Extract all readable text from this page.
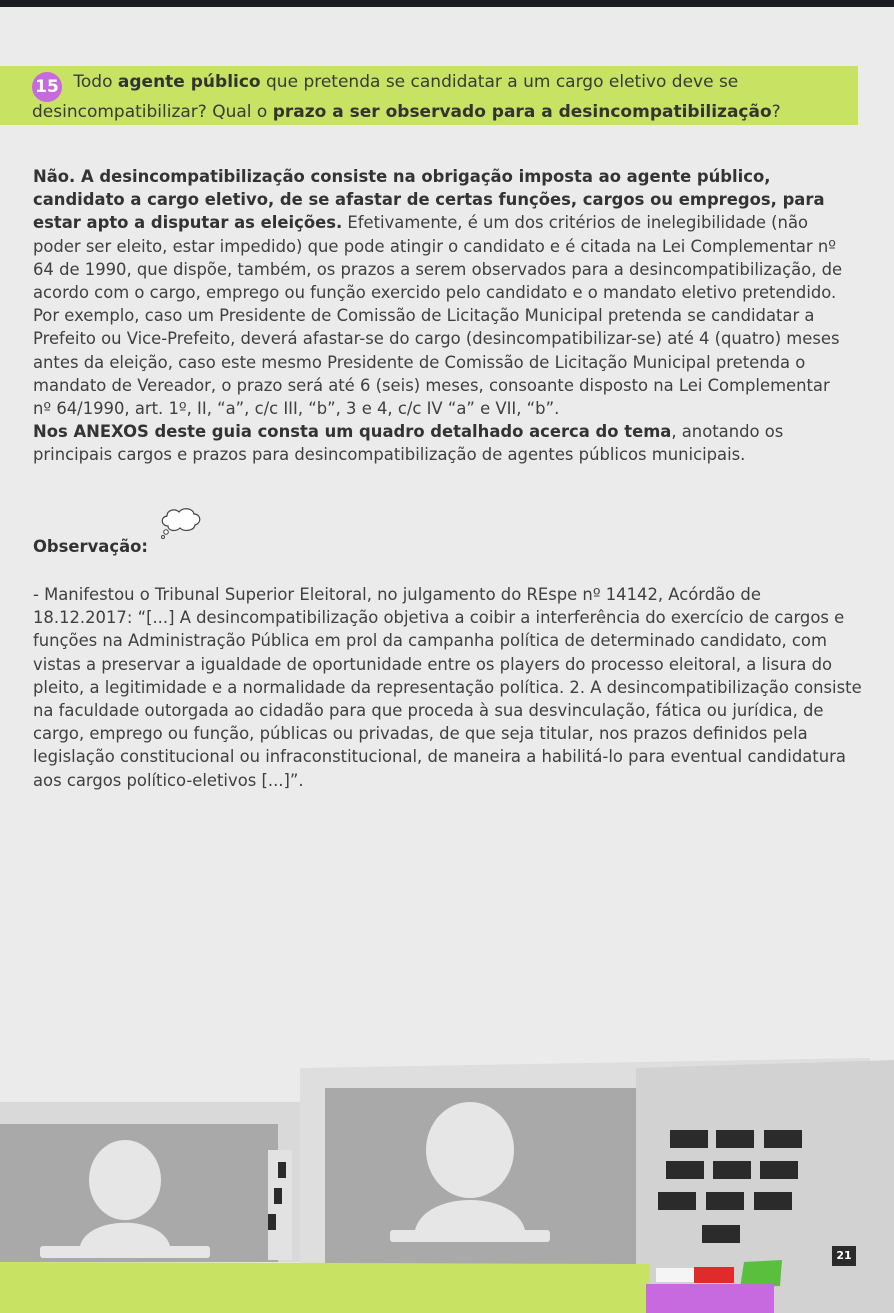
15 Todo agente público que pretenda se candidatar a um cargo eletivo deve se desincompatibilizar? Qual o prazo a ser observado para a desincompatibilização?

Não. A desincompatibilização consiste na obrigação imposta ao agente público, candidato a cargo eletivo, de se afastar de certas funções, cargos ou empregos, para estar apto a disputar as eleições. Efetivamente, é um dos critérios de inelegibilidade (não poder ser eleito, estar impedido) que pode atingir o candidato e é citada na Lei Complementar nº 64 de 1990, que dispõe, também, os prazos a serem observados para a desincompatibilização, de acordo com o cargo, emprego ou função exercido pelo candidato e o mandato eletivo pretendido. Por exemplo, caso um Presidente de Comissão de Licitação Municipal pretenda se candidatar a Prefeito ou Vice-Prefeito, deverá afastar-se do cargo (desincompatibilizar-se) até 4 (quatro) meses antes da eleição, caso este mesmo Presidente de Comissão de Licitação Municipal pretenda o mandato de Vereador, o prazo será até 6 (seis) meses, consoante disposto na Lei Complementar nº 64/1990, art. 1º, II, “a”, c/c III, “b”, 3 e 4, c/c IV “a” e VII, “b”.

Nos ANEXOS deste guia consta um quadro detalhado acerca do tema, anotando os principais cargos e prazos para desincompatibilização de agentes públicos municipais.

Observação:

- Manifestou o Tribunal Superior Eleitoral, no julgamento do REspe nº 14142, Acórdão de 18.12.2017: “[...] A desincompatibilização objetiva a coibir a interferência do exercício de cargos e funções na Administração Pública em prol da campanha política de determinado candidato, com vistas a preservar a igualdade de oportunidade entre os players do processo eleitoral, a lisura do pleito, a legitimidade e a normalidade da representação política. 2. A desincompatibilização consiste na faculdade outorgada ao cidadão para que proceda à sua desvinculação, fática ou jurídica, de cargo, emprego ou função, públicas ou privadas, de que seja titular, nos prazos definidos pela legislação constitucional ou infraconstitucional, de maneira a habilitá-lo para eventual candidatura aos cargos político-eletivos [...]”.

21
